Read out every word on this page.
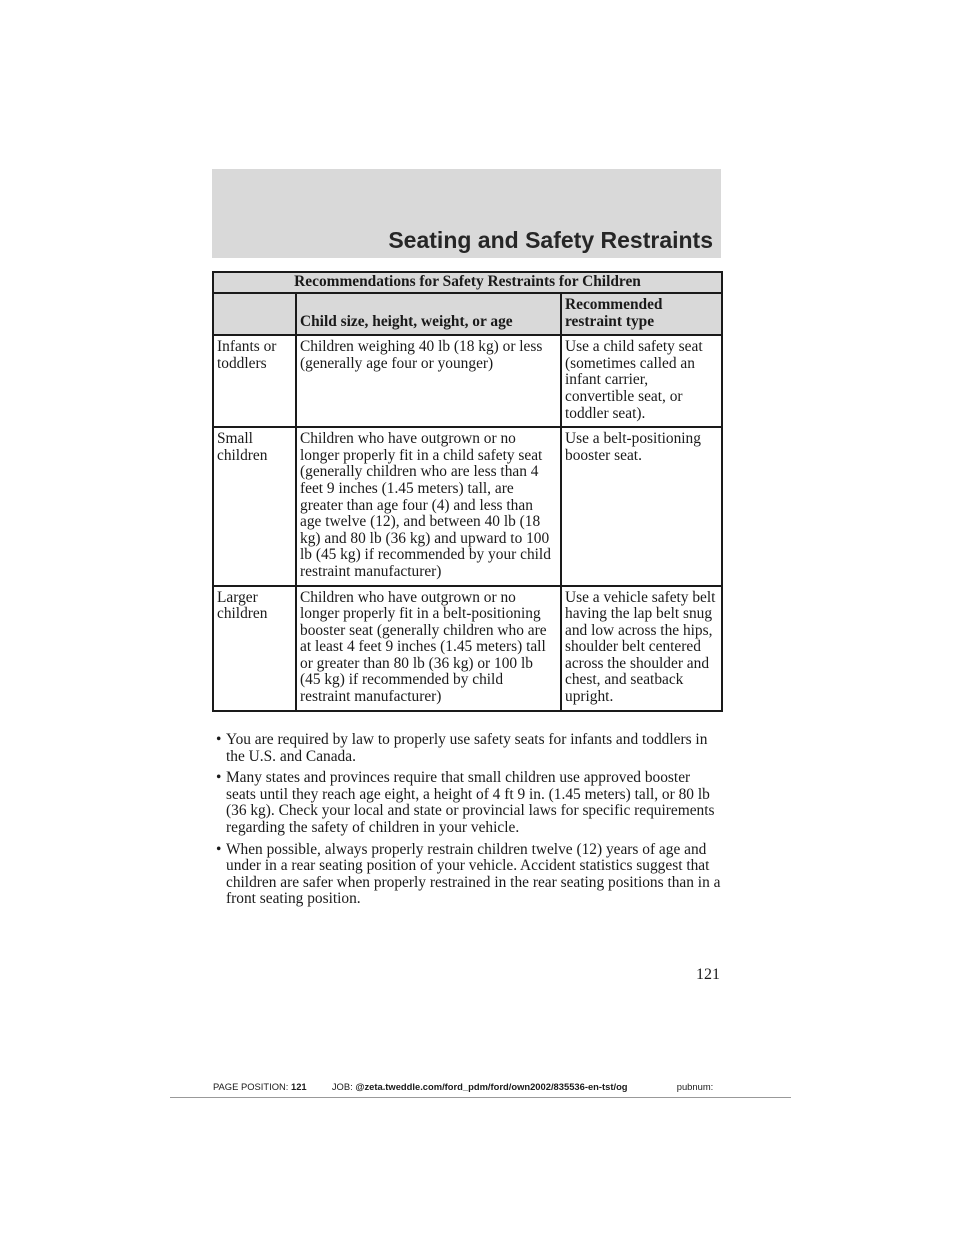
Seating and Safety Restraints
Recommendations for Safety Restraints for Children		
	Child size, height, weight, or age	Recommended restraint type
Infants or toddlers	Children weighing 40 lb (18 kg) or less (generally age four or younger)	Use a child safety seat (sometimes called an infant carrier, convertible seat, or toddler seat).
Small children	Children who have outgrown or no longer properly fit in a child safety seat (generally children who are less than 4 feet 9 inches (1.45 meters) tall, are greater than age four (4) and less than age twelve (12), and between 40 lb (18 kg) and 80 lb (36 kg) and upward to 100 lb (45 kg) if recommended by your child restraint manufacturer)	Use a belt-positioning booster seat.
Larger children	Children who have outgrown or no longer properly fit in a belt-positioning booster seat (generally children who are at least 4 feet 9 inches (1.45 meters) tall or greater than 80 lb (36 kg) or 100 lb (45 kg) if recommended by child restraint manufacturer)	Use a vehicle safety belt having the lap belt snug and low across the hips, shoulder belt centered across the shoulder and chest, and seatback upright.
• You are required by law to properly use safety seats for infants and toddlers in the U.S. and Canada.
• Many states and provinces require that small children use approved booster seats until they reach age eight, a height of 4 ft 9 in. (1.45 meters) tall, or 80 lb (36 kg). Check your local and state or provincial laws for specific requirements regarding the safety of children in your vehicle.
• When possible, always properly restrain children twelve (12) years of age and under in a rear seating position of your vehicle. Accident statistics suggest that children are safer when properly restrained in the rear seating positions than in a front seating position.
121
PAGE POSITION: 121	JOB: @zeta.tweddle.com/ford_pdm/ford/own2002/835536-en-tst/og	pubnum:
